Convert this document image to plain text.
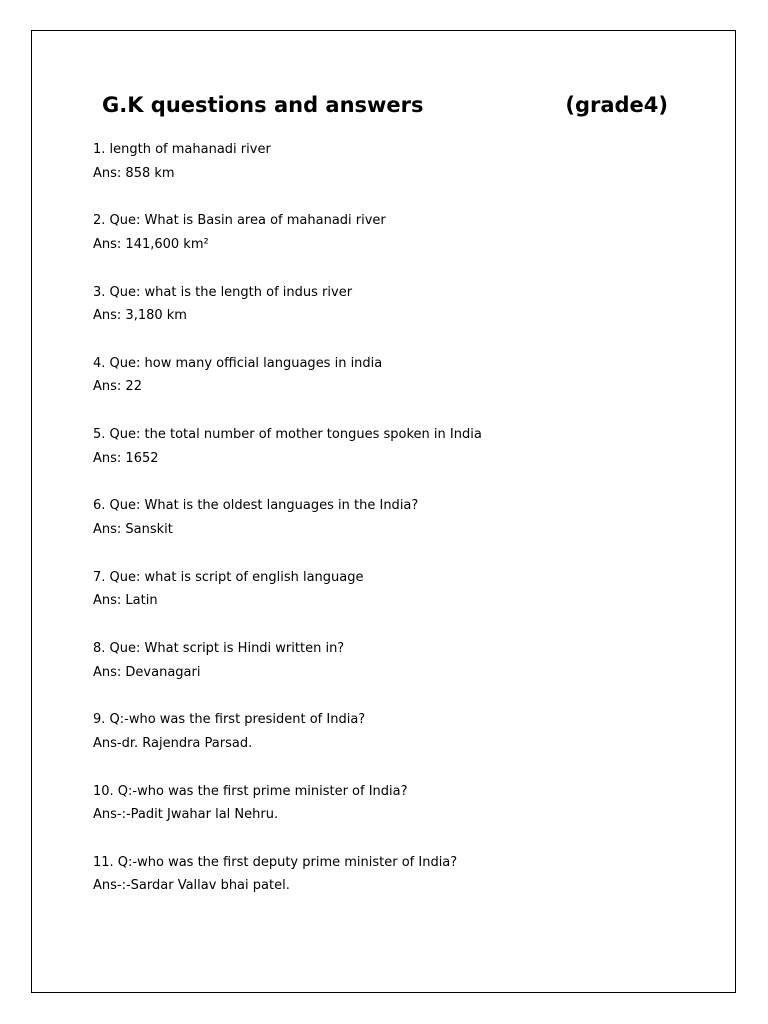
G.K questions and answers	(grade4)
1. length of mahanadi river
Ans: 858 km
2. Que: What is Basin area of mahanadi river
Ans: 141,600 km²
3. Que: what is the length of indus river
Ans: 3,180 km
4. Que: how many official languages in india
Ans: 22
5. Que: the total number of mother tongues spoken in India
Ans: 1652
6. Que: What is the oldest languages in the India?
Ans: Sanskit
7. Que: what is script of english language
Ans: Latin
8. Que: What script is Hindi written in?
Ans: Devanagari
9. Q:-who was the first president of India?
Ans-dr. Rajendra Parsad.
10. Q:-who was the first prime minister of India?
Ans-:-Padit Jwahar lal Nehru.
11. Q:-who was the first deputy prime minister of India?
Ans-:-Sardar Vallav bhai patel.
